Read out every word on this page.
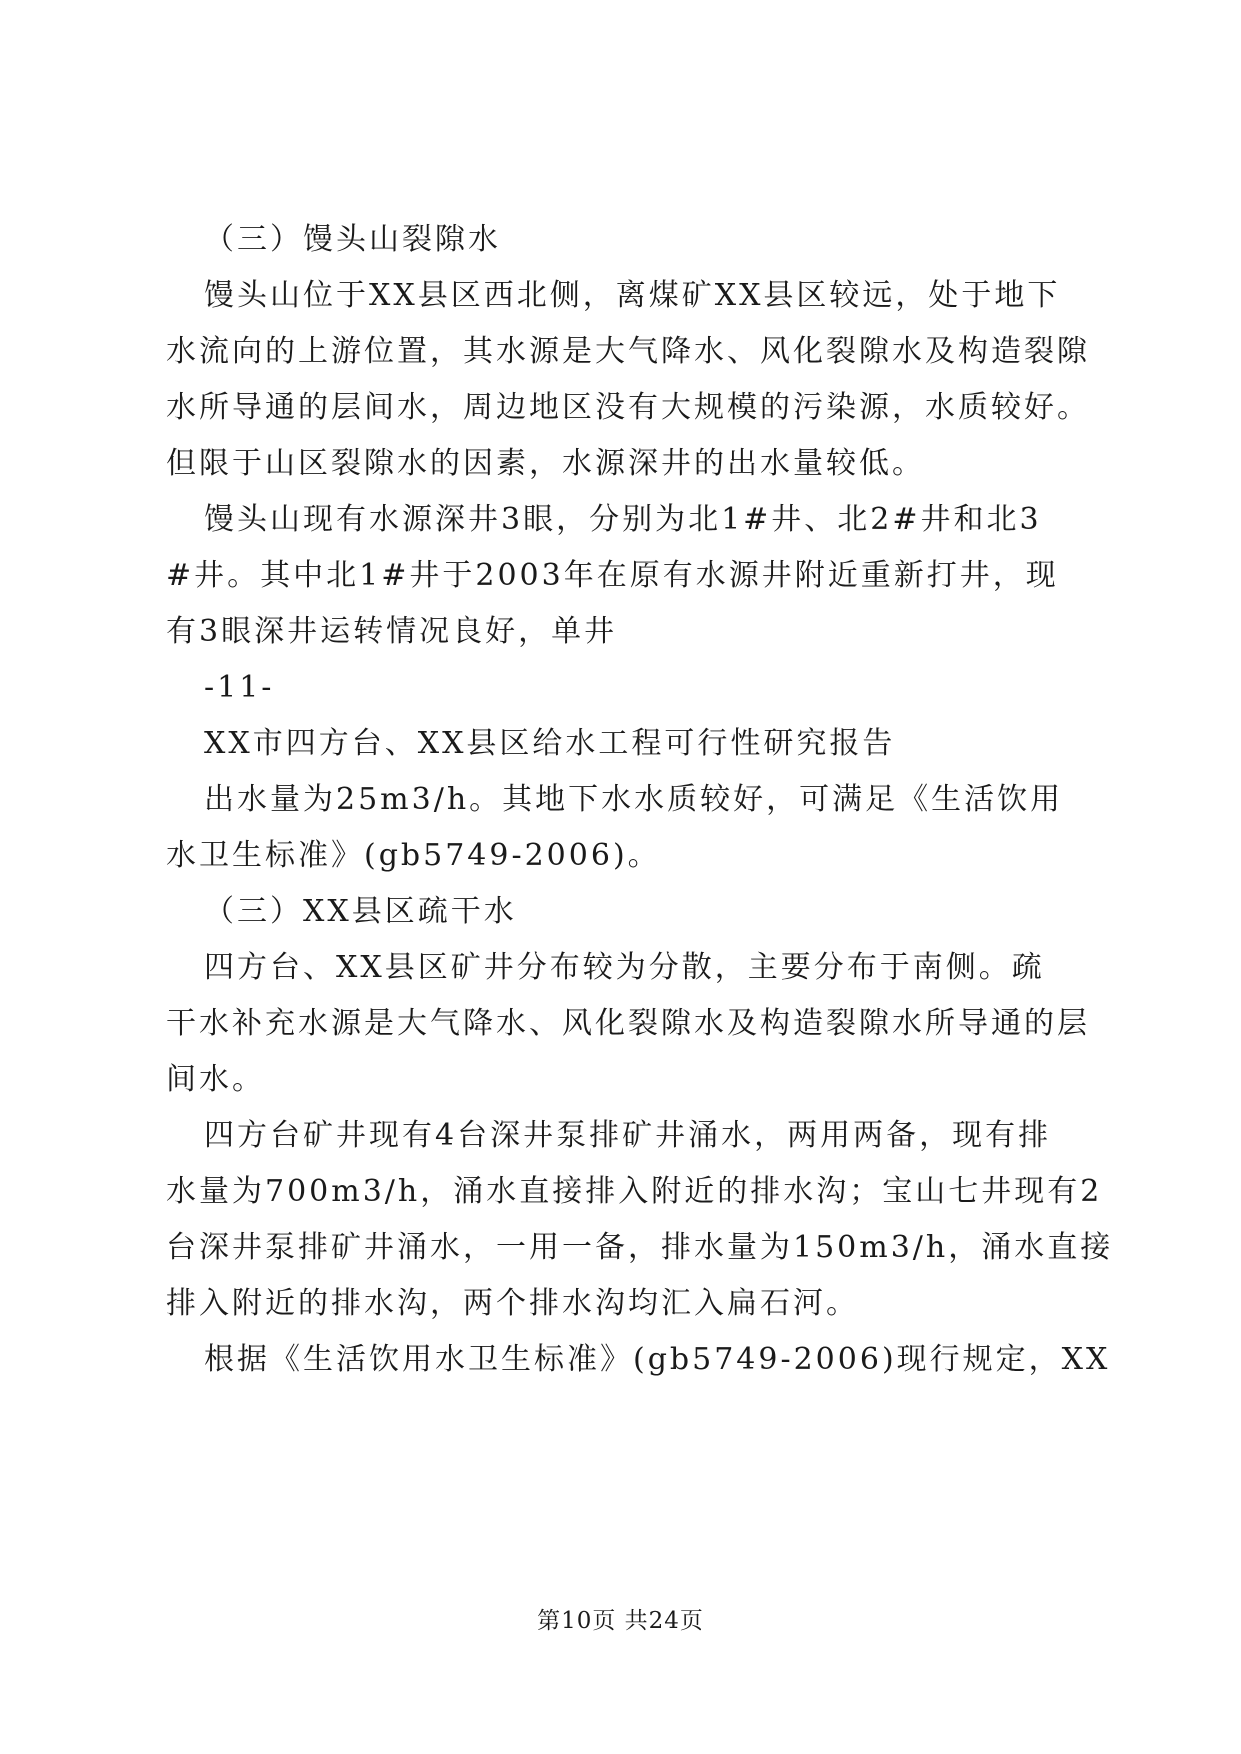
（三）馒头山裂隙水
馒头山位于XX县区西北侧，离煤矿XX县区较远，处于地下
水流向的上游位置，其水源是大气降水、风化裂隙水及构造裂隙
水所导通的层间水，周边地区没有大规模的污染源，水质较好。
但限于山区裂隙水的因素，水源深井的出水量较低。
馒头山现有水源深井3眼，分别为北1#井、北2#井和北3
#井。其中北1#井于2003年在原有水源井附近重新打井，现
有3眼深井运转情况良好，单井
-11-
XX市四方台、XX县区给水工程可行性研究报告
出水量为25m3/h。其地下水水质较好，可满足《生活饮用
水卫生标准》(gb5749-2006)。
（三）XX县区疏干水
四方台、XX县区矿井分布较为分散，主要分布于南侧。疏
干水补充水源是大气降水、风化裂隙水及构造裂隙水所导通的层
间水。
四方台矿井现有4台深井泵排矿井涌水，两用两备，现有排
水量为700m3/h，涌水直接排入附近的排水沟；宝山七井现有2
台深井泵排矿井涌水，一用一备，排水量为150m3/h，涌水直接
排入附近的排水沟，两个排水沟均汇入扁石河。
根据《生活饮用水卫生标准》(gb5749-2006)现行规定，XX
第10页 共24页
